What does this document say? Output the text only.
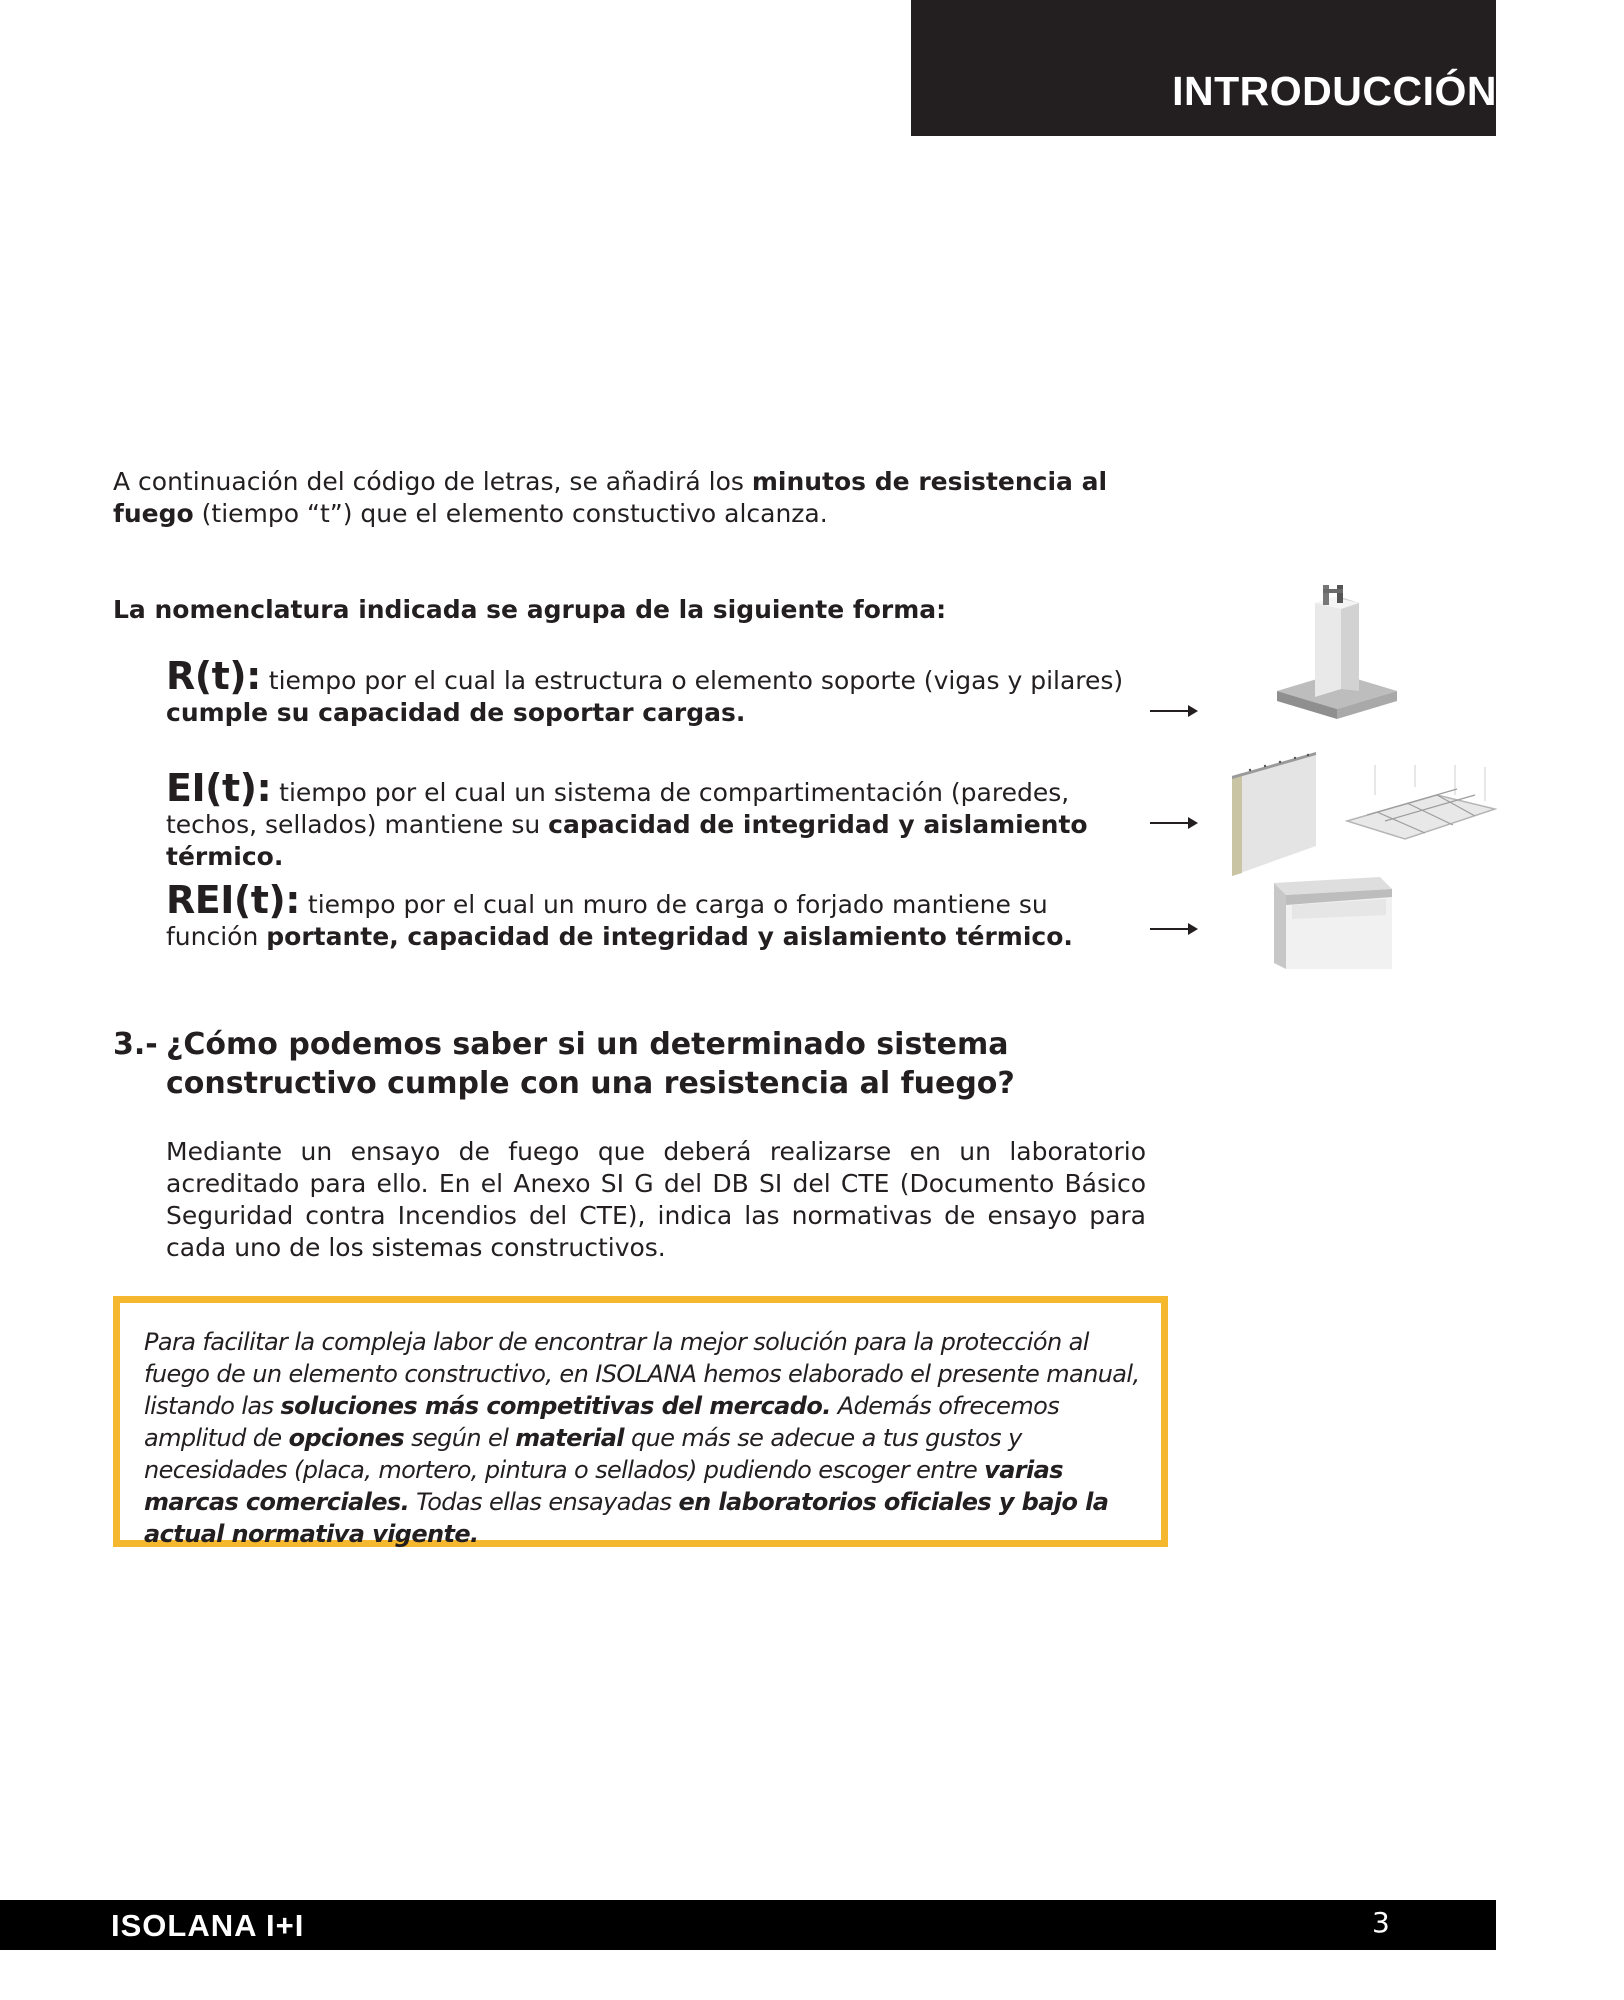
INTRODUCCIÓN

A continuación del código de letras, se añadirá los minutos de resistencia al fuego (tiempo “t”) que el elemento constuctivo alcanza.

La nomenclatura indicada se agrupa de la siguiente forma:

R(t): tiempo por el cual la estructura o elemento soporte (vigas y pilares) cumple su capacidad de soportar cargas.

EI(t): tiempo por el cual un sistema de compartimentación (paredes, techos, sellados) mantiene su capacidad de integridad y aislamiento térmico.

REI(t): tiempo por el cual un muro de carga o forjado mantiene su función portante, capacidad de integridad y aislamiento térmico.

3.- ¿Cómo podemos saber si un determinado sistema
constructivo cumple con una resistencia al fuego?

Mediante un ensayo de fuego que deberá realizarse en un laboratorio acreditado para ello. En el Anexo SI G del DB SI del CTE (Documento Básico Seguridad contra Incendios del CTE), indica las normativas de ensayo para cada uno de los sistemas constructivos.

Para facilitar la compleja labor de encontrar la mejor solución para la protección al fuego de un elemento constructivo, en ISOLANA hemos elaborado el presente manual, listando las soluciones más competitivas del mercado. Además ofrecemos amplitud de opciones según el material que más se adecue a tus gustos y necesidades (placa, mortero, pintura o sellados) pudiendo escoger entre varias marcas comerciales. Todas ellas ensayadas en laboratorios oficiales y bajo la actual normativa vigente.

ISOLANA I+I	3
